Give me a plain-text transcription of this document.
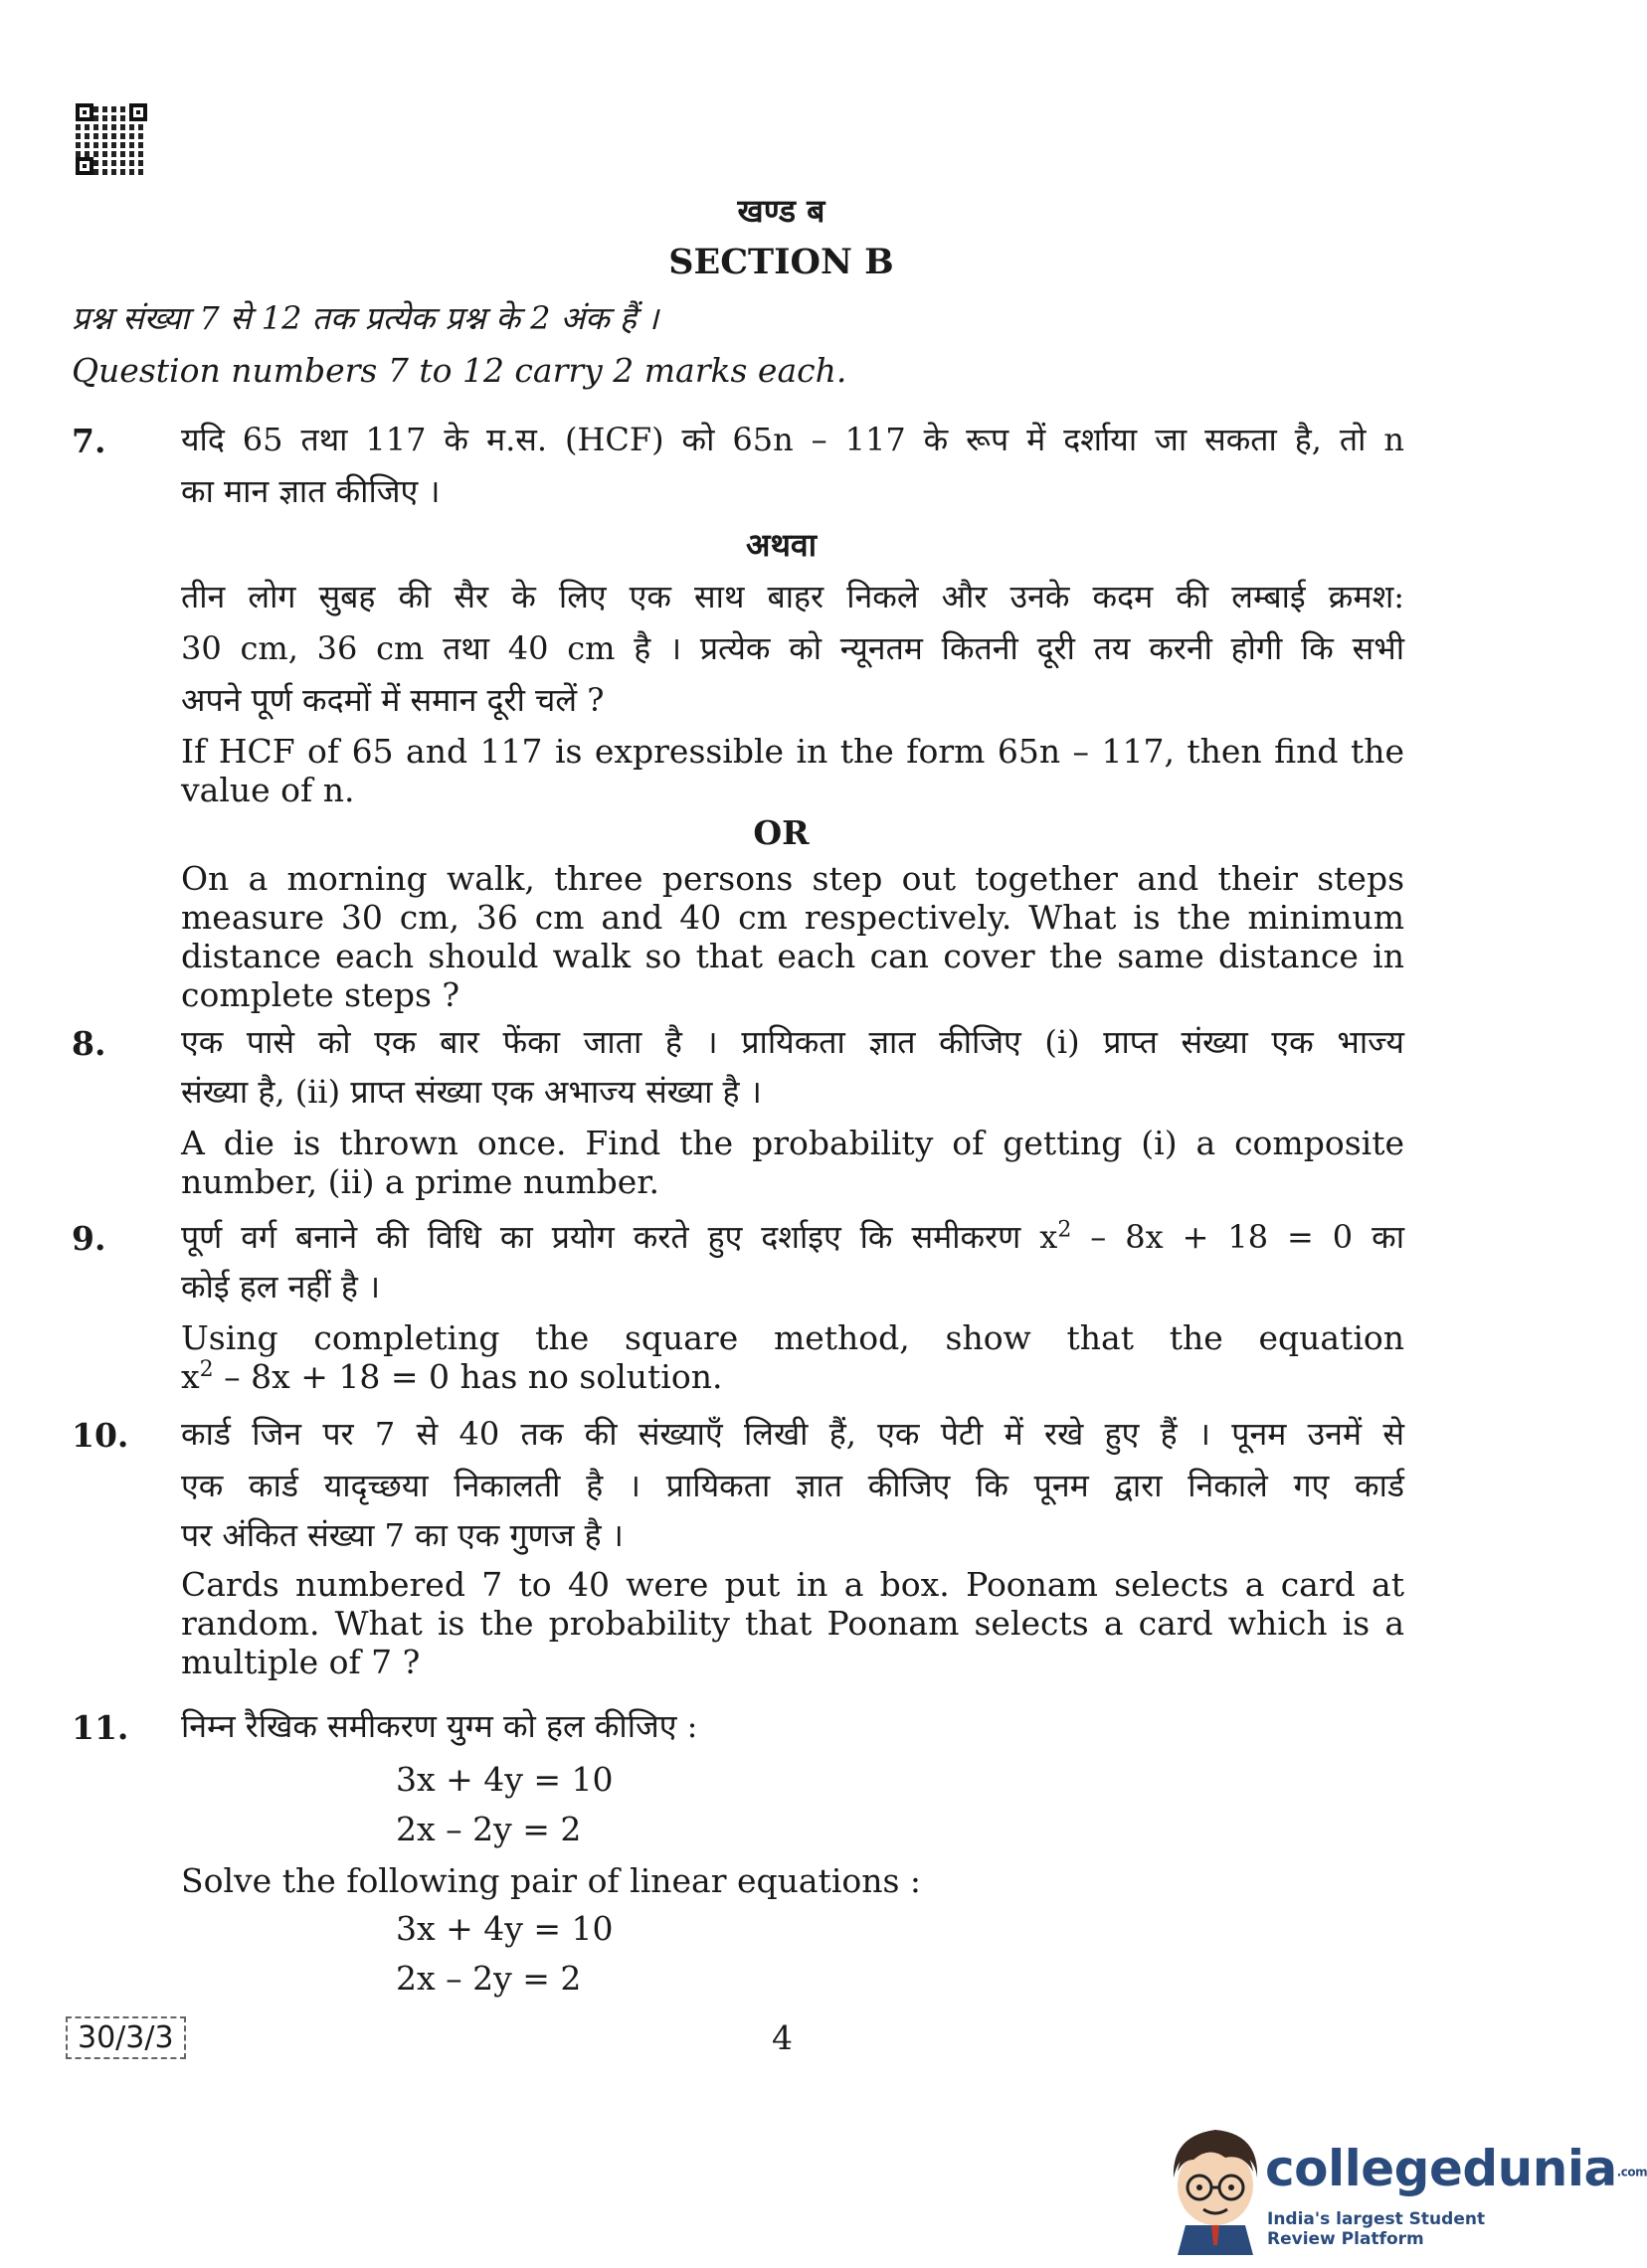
खण्ड ब
SECTION B
प्रश्न संख्या 7 से 12 तक प्रत्येक प्रश्न के 2 अंक हैं ।
Question numbers 7 to 12 carry 2 marks each.
7. यदि 65 तथा 117 के म.स. (HCF) को 65n – 117 के रूप में दर्शाया जा सकता है, तो n
का मान ज्ञात कीजिए ।
अथवा
तीन लोग सुबह की सैर के लिए एक साथ बाहर निकले और उनके कदम की लम्बाई क्रमश:
30 cm, 36 cm तथा 40 cm है । प्रत्येक को न्यूनतम कितनी दूरी तय करनी होगी कि सभी
अपने पूर्ण कदमों में समान दूरी चलें ?
If HCF of 65 and 117 is expressible in the form 65n – 117, then find the
value of n.
OR
On a morning walk, three persons step out together and their steps
measure 30 cm, 36 cm and 40 cm respectively. What is the minimum
distance each should walk so that each can cover the same distance in
complete steps ?
8. एक पासे को एक बार फेंका जाता है । प्रायिकता ज्ञात कीजिए (i) प्राप्त संख्या एक भाज्य
संख्या है, (ii) प्राप्त संख्या एक अभाज्य संख्या है ।
A die is thrown once. Find the probability of getting (i) a composite
number, (ii) a prime number.
9. पूर्ण वर्ग बनाने की विधि का प्रयोग करते हुए दर्शाइए कि समीकरण $x^2 - 8x + 18 = 0$ का
कोई हल नहीं है ।
Using completing the square method, show that the equation
$x^2 - 8x + 18 = 0$ has no solution.
10. कार्ड जिन पर 7 से 40 तक की संख्याएँ लिखी हैं, एक पेटी में रखे हुए हैं । पूनम उनमें से
एक कार्ड यादृच्छया निकालती है । प्रायिकता ज्ञात कीजिए कि पूनम द्वारा निकाले गए कार्ड
पर अंकित संख्या 7 का एक गुणज है ।
Cards numbered 7 to 40 were put in a box. Poonam selects a card at
random. What is the probability that Poonam selects a card which is a
multiple of 7 ?
11. निम्न रैखिक समीकरण युग्म को हल कीजिए :
3x + 4y = 10
2x – 2y = 2
Solve the following pair of linear equations :
3x + 4y = 10
2x – 2y = 2
30/3/3	4
collegedunia.com
India's largest Student Review Platform
